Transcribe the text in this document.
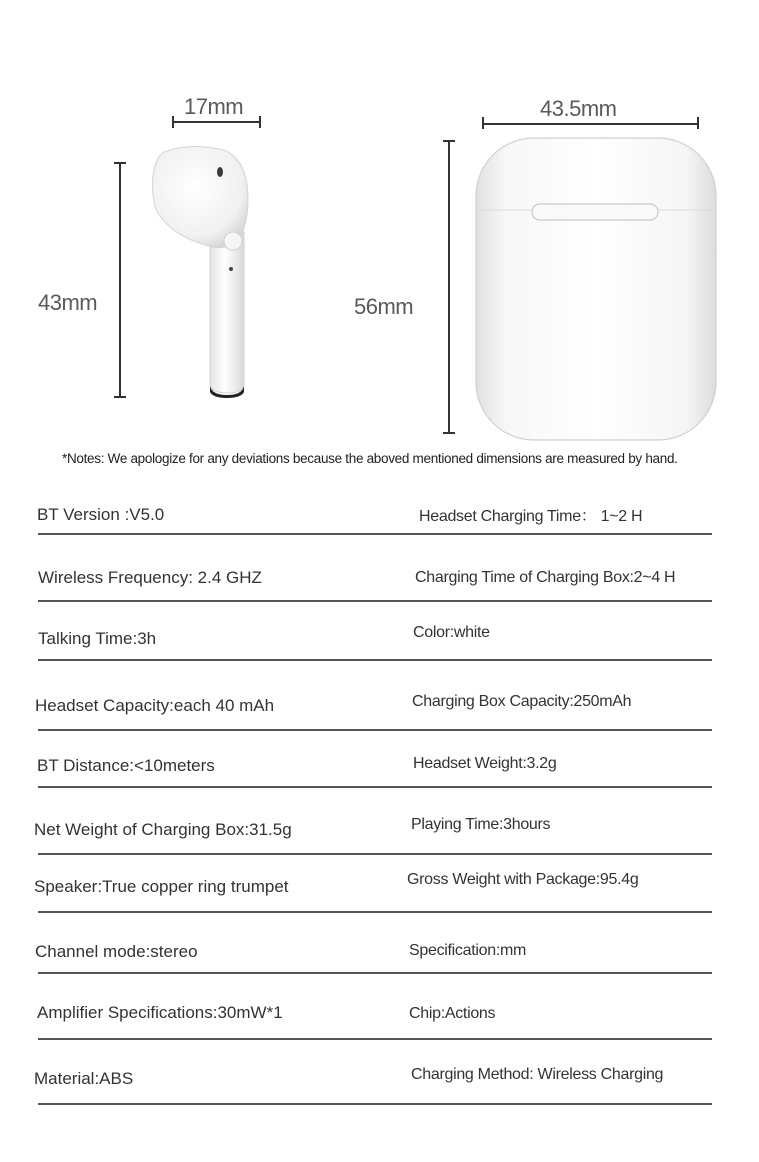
17mm
43mm
43.5mm
56mm
*Notes: We apologize for any deviations because the aboved mentioned dimensions are measured by hand.
BT Version :V5.0	Headset Charging Time： 1~2 H
Wireless Frequency: 2.4 GHZ	Charging Time of Charging Box:2~4 H
Talking Time:3h	Color:white
Headset Capacity:each 40 mAh	Charging Box Capacity:250mAh
BT Distance:<10meters	Headset Weight:3.2g
Net Weight of Charging Box:31.5g	Playing Time:3hours
Speaker:True copper ring trumpet	Gross Weight with Package:95.4g
Channel mode:stereo	Specification:mm
Amplifier Specifications:30mW*1	Chip:Actions
Material:ABS	Charging Method: Wireless Charging
